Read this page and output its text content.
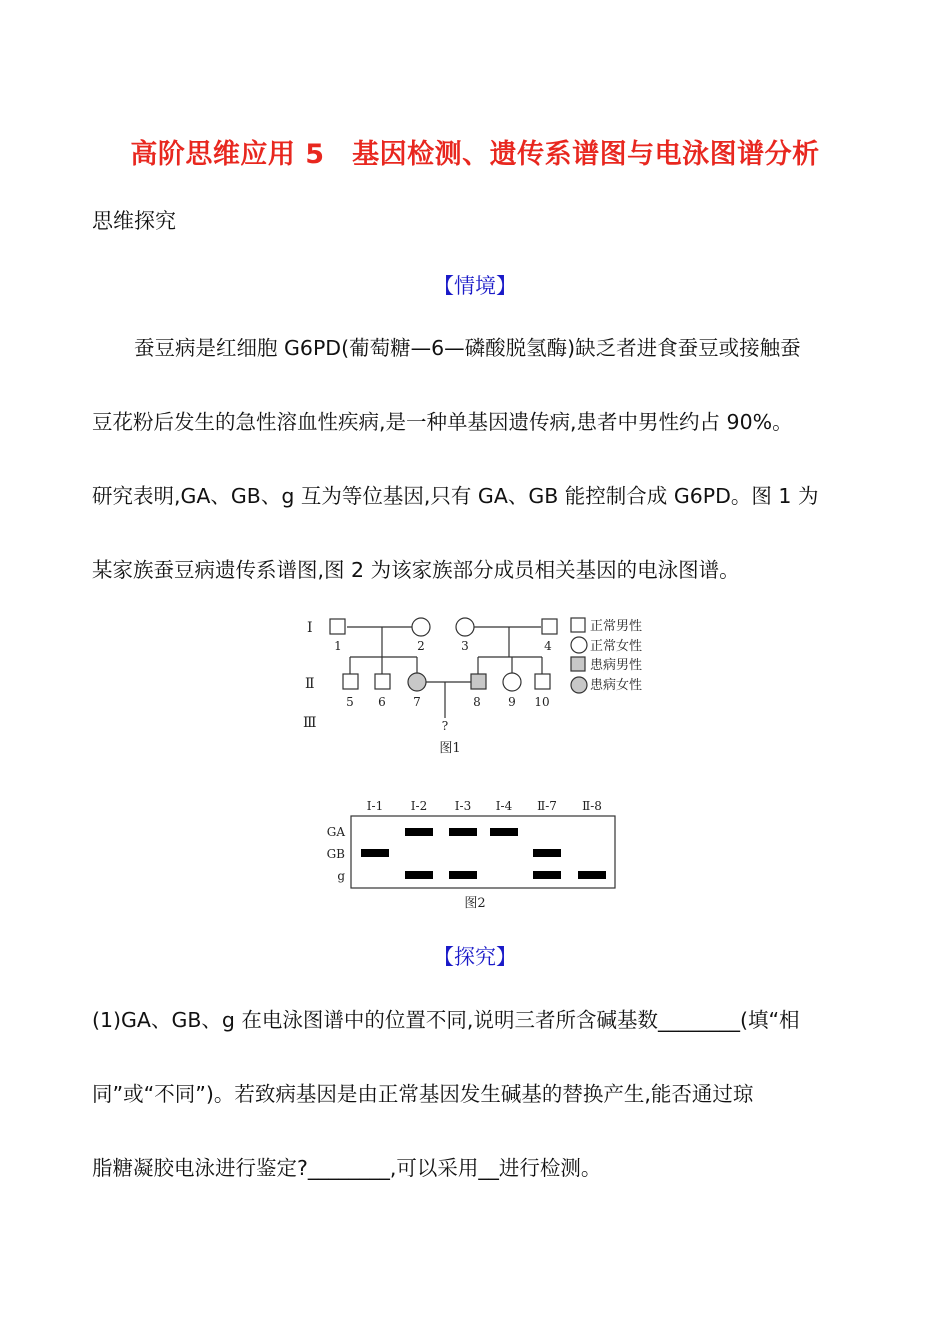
高阶思维应用 5　基因检测、遗传系谱图与电泳图谱分析
思维探究
【情境】
蚕豆病是红细胞 G6PD(葡萄糖—6—磷酸脱氢酶)缺乏者进食蚕豆或接触蚕
豆花粉后发生的急性溶血性疾病,是一种单基因遗传病,患者中男性约占 90%。
研究表明,GA、GB、g 互为等位基因,只有 GA、GB 能控制合成 G6PD。图 1 为
某家族蚕豆病遗传系谱图,图 2 为该家族部分成员相关基因的电泳图谱。
Ⅰ
Ⅱ
Ⅲ
1	2	3	4
5 6 7	8 9 10
?
图1
正常男性
正常女性
患病男性
患病女性
Ⅰ-1 Ⅰ-2 Ⅰ-3 Ⅰ-4 Ⅱ-7 Ⅱ-8
GA
GB
g
图2
【探究】
(1)GA、GB、g 在电泳图谱中的位置不同,说明三者所含碱基数________(填“相
同”或“不同”)。若致病基因是由正常基因发生碱基的替换产生,能否通过琼
脂糖凝胶电泳进行鉴定?________,可以采用__进行检测。
